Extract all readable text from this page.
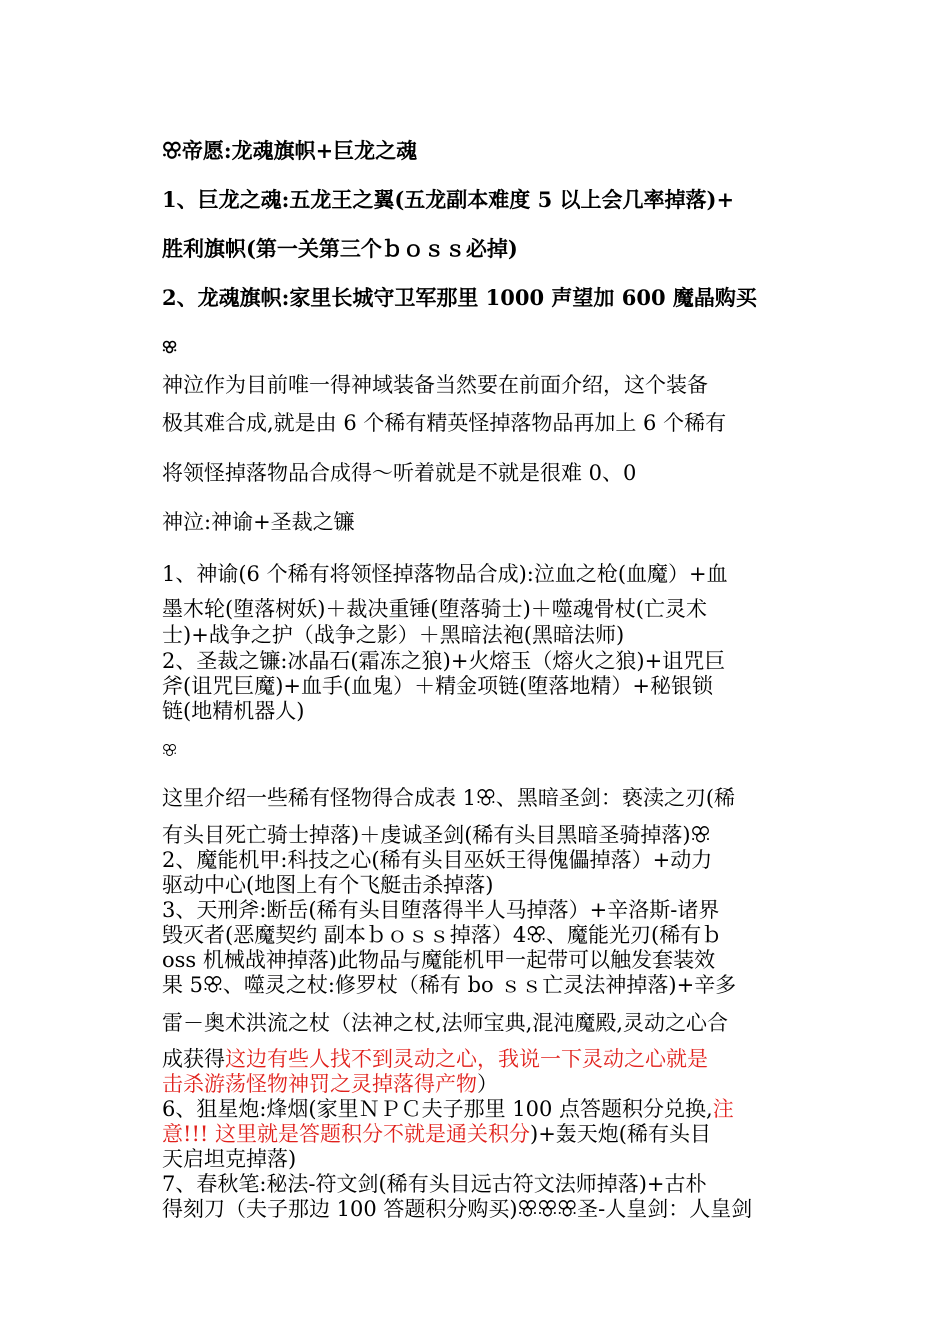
ꕣ帝愿:龙魂旗帜+巨龙之魂
1、巨龙之魂:五龙王之翼(五龙副本难度 5 以上会几率掉落)+
胜利旗帜(第一关第三个ｂｏｓｓ必掉)
2、龙魂旗帜:家里长城守卫军那里 1000 声望加 600 魔晶购买
ꕣ
神泣作为目前唯一得神域装备当然要在前面介绍，这个装备
极其难合成,就是由 6 个稀有精英怪掉落物品再加上 6 个稀有
将领怪掉落物品合成得～听着就是不就是很难 0、0
神泣:神谕+圣裁之镰
1、神谕(6 个稀有将领怪掉落物品合成):泣血之枪(血魔）+血
墨木轮(堕落树妖)＋裁决重锤(堕落骑士)＋噬魂骨杖(亡灵术
士)+战争之护（战争之影）＋黑暗法袍(黑暗法师)
2、圣裁之镰:冰晶石(霜冻之狼)+火熔玉（熔火之狼)+诅咒巨
斧(诅咒巨魔)+血手(血鬼）＋精金项链(堕落地精）+秘银锁
链(地精机器人)
ꕣ
这里介绍一些稀有怪物得合成表 1ꕣ、黑暗圣剑：亵渎之刃(稀
有头目死亡骑士掉落)＋虔诚圣剑(稀有头目黑暗圣骑掉落)ꕣ
2、魔能机甲:科技之心(稀有头目巫妖王得傀儡掉落）+动力
驱动中心(地图上有个飞艇击杀掉落)
3、天刑斧:断岳(稀有头目堕落得半人马掉落）+辛洛斯-诸界
毁灭者(恶魔契约 副本ｂｏｓｓ掉落）4ꕣ、魔能光刃(稀有ｂ
oss 机械战神掉落)此物品与魔能机甲一起带可以触发套装效
果 5ꕣ、噬灵之杖:修罗杖（稀有 bo ｓｓ亡灵法神掉落)+辛多
雷－奥术洪流之杖（法神之杖,法师宝典,混沌魔殿,灵动之心合
成获得这边有些人找不到灵动之心，我说一下灵动之心就是
击杀游荡怪物神罚之灵掉落得产物）
6、狙星炮:烽烟(家里ＮＰＣ夫子那里 100 点答题积分兑换,注
意!!! 这里就是答题积分不就是通关积分)+轰天炮(稀有头目
天启坦克掉落)
7、春秋笔:秘法-符文剑(稀有头目远古符文法师掉落)+古朴
得刻刀（夫子那边 100 答题积分购买)ꕣꕣꕣ圣-人皇剑：人皇剑
